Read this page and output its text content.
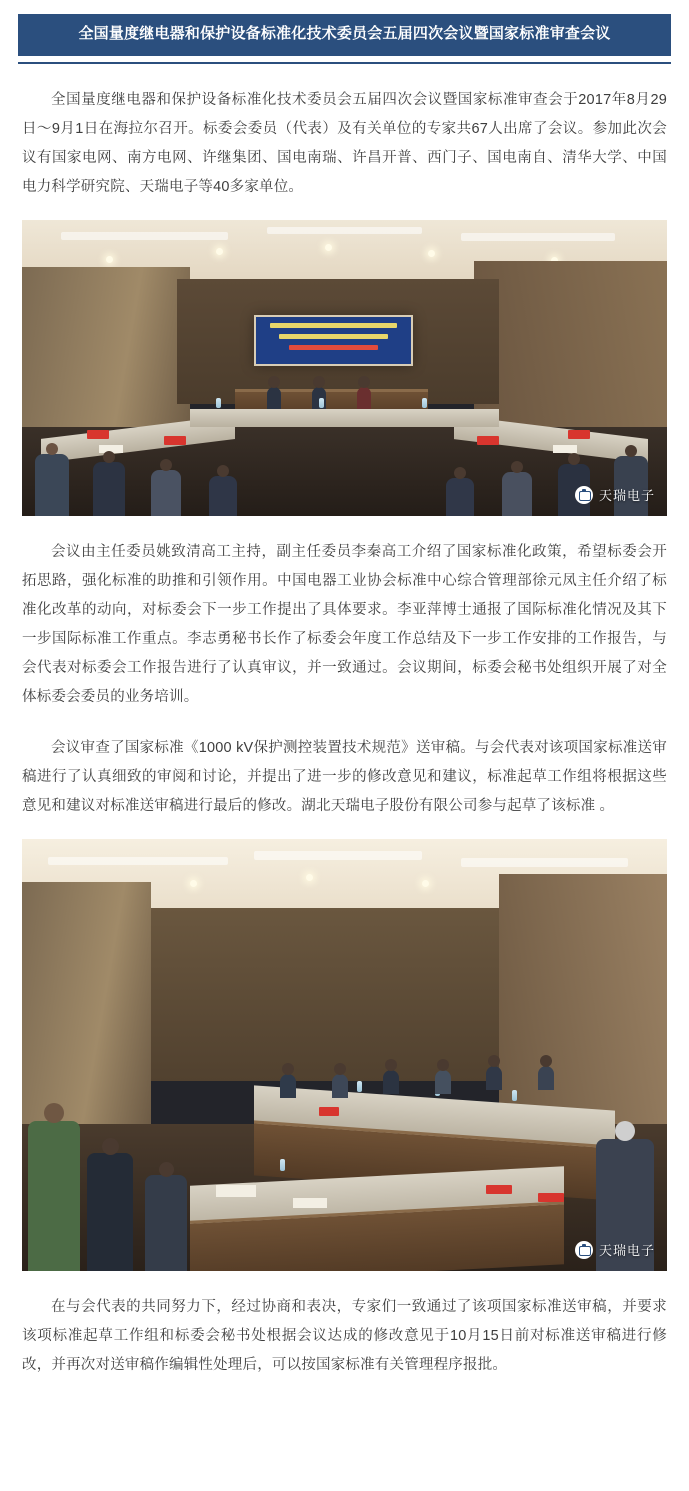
全国量度继电器和保护设备标准化技术委员会五届四次会议暨国家标准审查会议

全国量度继电器和保护设备标准化技术委员会五届四次会议暨国家标准审查会于2017年8月29日～9月1日在海拉尔召开。标委会委员（代表）及有关单位的专家共67人出席了会议。参加此次会议有国家电网、南方电网、许继集团、国电南瑞、许昌开普、西门子、国电南自、清华大学、中国电力科学研究院、天瑞电子等40多家单位。

天瑞电子

会议由主任委员姚致清高工主持，副主任委员李秦高工介绍了国家标准化政策，希望标委会开拓思路，强化标准的助推和引领作用。中国电器工业协会标准中心综合管理部徐元凤主任介绍了标准化改革的动向，对标委会下一步工作提出了具体要求。李亚萍博士通报了国际标准化情况及其下一步国际标准工作重点。李志勇秘书长作了标委会年度工作总结及下一步工作安排的工作报告，与会代表对标委会工作报告进行了认真审议，并一致通过。会议期间，标委会秘书处组织开展了对全体标委会委员的业务培训。

会议审查了国家标准《1000 kV保护测控装置技术规范》送审稿。与会代表对该项国家标准送审稿进行了认真细致的审阅和讨论，并提出了进一步的修改意见和建议，标准起草工作组将根据这些意见和建议对标准送审稿进行最后的修改。湖北天瑞电子股份有限公司参与起草了该标准 。

天瑞电子

在与会代表的共同努力下，经过协商和表决，专家们一致通过了该项国家标准送审稿，并要求该项标准起草工作组和标委会秘书处根据会议达成的修改意见于10月15日前对标准送审稿进行修改，并再次对送审稿作编辑性处理后，可以按国家标准有关管理程序报批。
